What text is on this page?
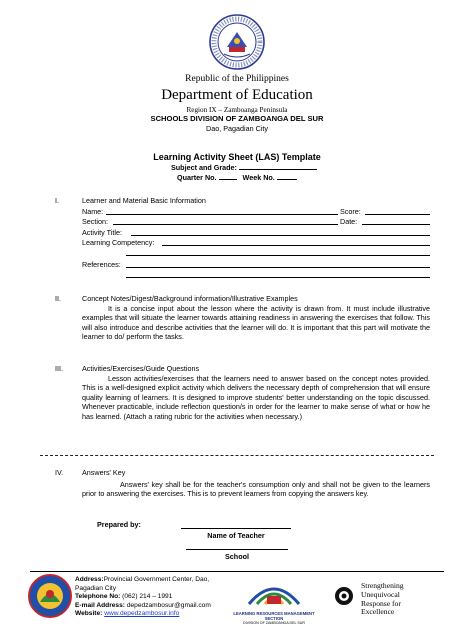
Republic of the Philippines
Department of Education
Region IX – Zamboanga Peninsula
SCHOOLS DIVISION OF ZAMBOANGA DEL SUR
Dao, Pagadian City
Learning Activity Sheet (LAS) Template
Subject and Grade:
Quarter No.	Week No.
I.	Learner and Material Basic Information
Name:	Score:
Section:	Date:
Activity Title:
Learning Competency:
References:
II.	Concept Notes/Digest/Background information/Illustrative Examples
It is a concise input about the lesson where the activity is drawn from. It must include illustrative examples that will situate the learner towards attaining readiness in answering the exercises that follow. This will also introduce and describe activities that the learner will do. It is important that this part will motivate the learner to do/ perform the tasks.
III.	Activities/Exercises/Guide Questions
Lesson activities/exercises that the learners need to answer based on the concept notes provided. This is a well-designed explicit activity which delivers the necessary depth of comprehension that will ensure quality learning of learners. It is designed to improve students' better understanding on the topic discussed. Whenever practicable, include reflection question/s in order for the learner to make sense of what or how he has learned. (Attach a rating rubric for the activities when necessary.)
IV.	Answers' Key
Answers' key shall be for the teacher's consumption only and shall not be given to the learners prior to answering the exercises. This is to prevent learners from copying the answers key.
Prepared by:
Name of Teacher
School
Address:Provincial Government Center, Dao,
Pagadian City
Telephone No: (062) 214 – 1991
E-mail Address: depedzambosur@gmail.com
Website: www.depedzambosur.info	LEARNING RESOURCES MANAGEMENT SECTION
DIVISION OF ZAMBOANGA DEL SUR
Strengthening
Unequivocal
Response for
Excellence
